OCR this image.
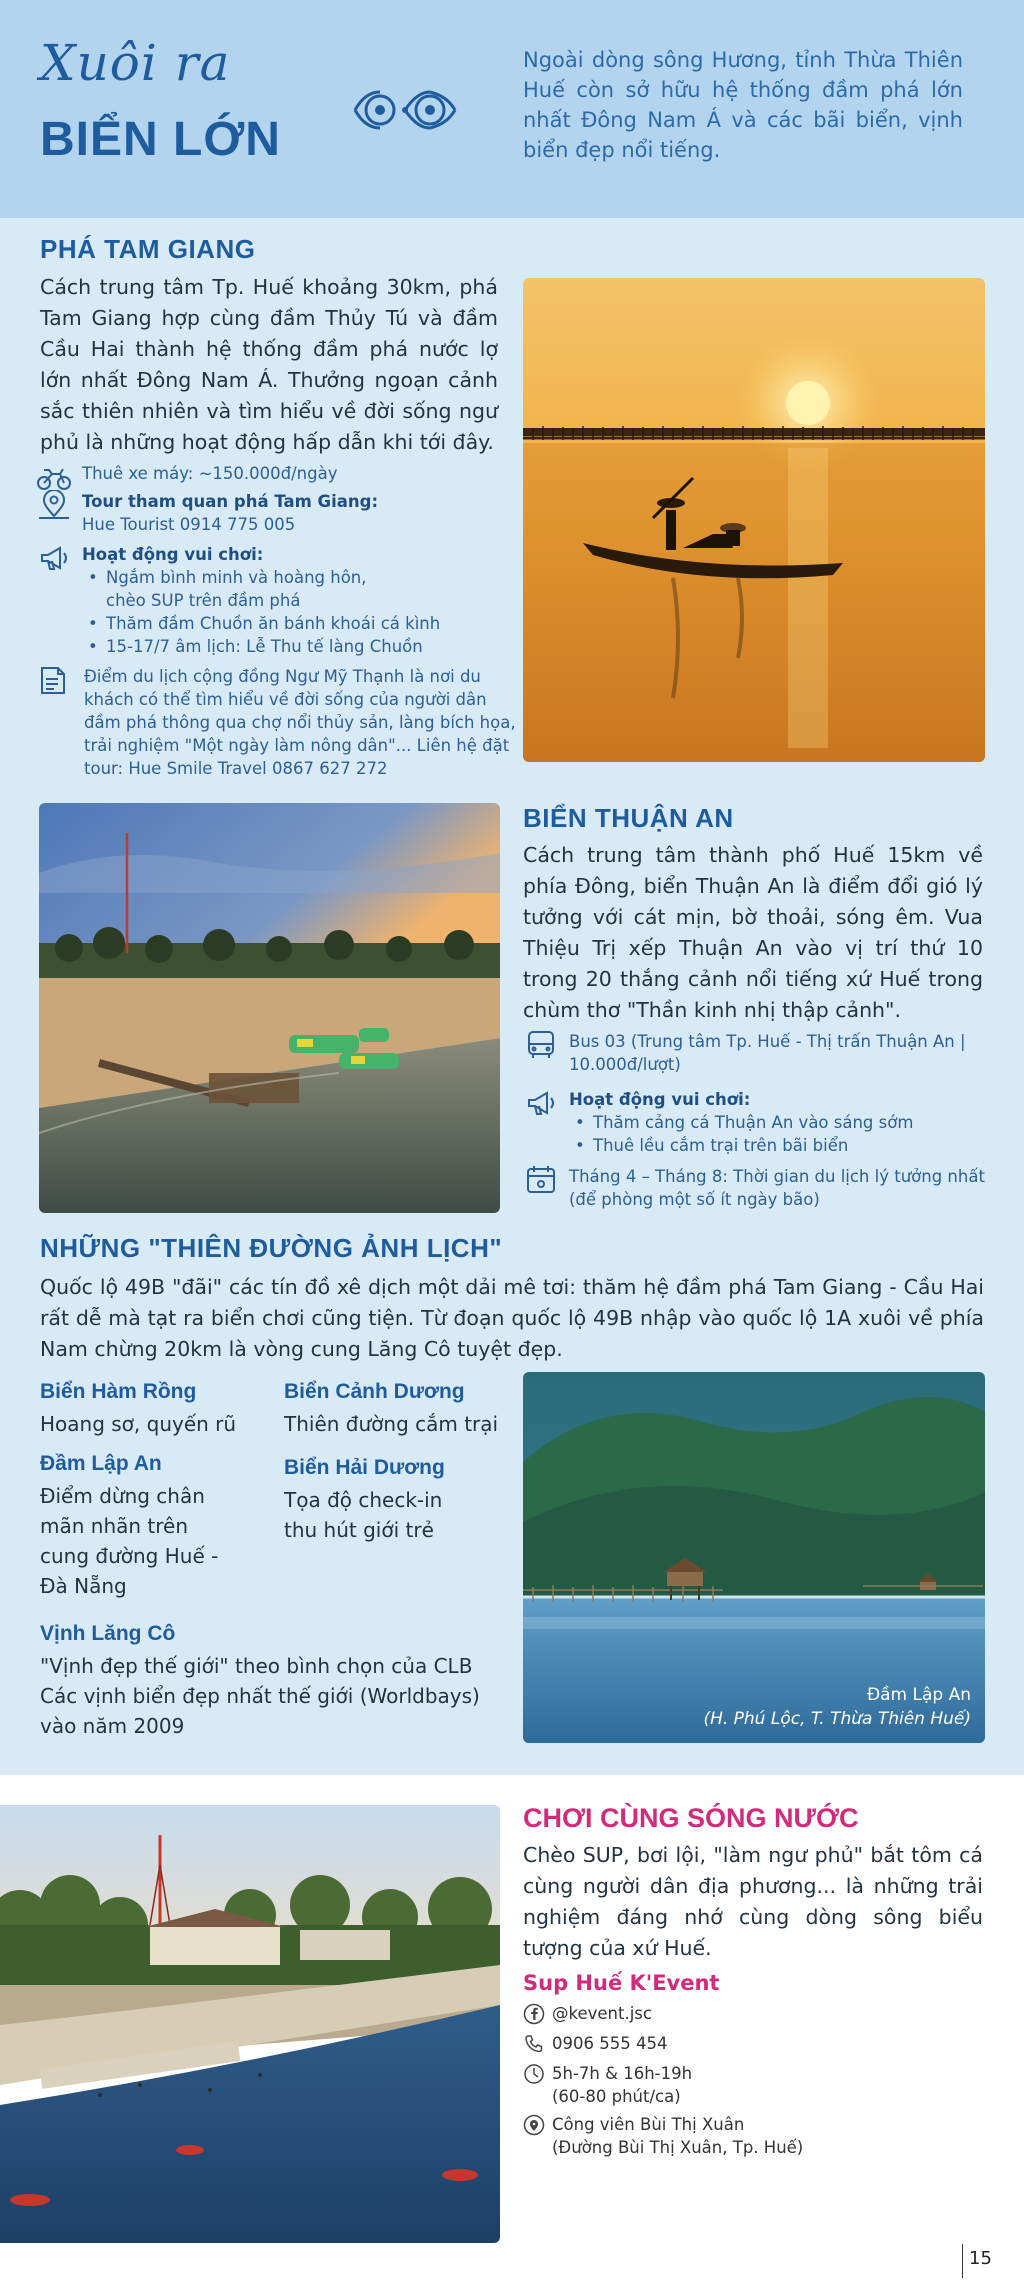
Xuôi ra
BIỂN LỚN
Ngoài dòng sông Hương, tỉnh Thừa Thiên Huế còn sở hữu hệ thống đầm phá lớn nhất Đông Nam Á và các bãi biển, vịnh biển đẹp nổi tiếng.
PHÁ TAM GIANG
Cách trung tâm Tp. Huế khoảng 30km, phá Tam Giang hợp cùng đầm Thủy Tú và đầm Cầu Hai thành hệ thống đầm phá nước lợ lớn nhất Đông Nam Á. Thưởng ngoạn cảnh sắc thiên nhiên và tìm hiểu về đời sống ngư phủ là những hoạt động hấp dẫn khi tới đây.
Thuê xe máy: ~150.000đ/ngày
Tour tham quan phá Tam Giang:
Hue Tourist 0914 775 005
Hoạt động vui chơi:
• Ngắm bình minh và hoàng hôn, chèo SUP trên đầm phá
• Thăm đầm Chuồn ăn bánh khoái cá kình
• 15-17/7 âm lịch: Lễ Thu tế làng Chuồn
Điểm du lịch cộng đồng Ngư Mỹ Thạnh là nơi du khách có thể tìm hiểu về đời sống của người dân đầm phá thông qua chợ nổi thủy sản, làng bích họa, trải nghiệm "Một ngày làm nông dân"... Liên hệ đặt tour: Hue Smile Travel 0867 627 272
BIỂN THUẬN AN
Cách trung tâm thành phố Huế 15km về phía Đông, biển Thuận An là điểm đổi gió lý tưởng với cát mịn, bờ thoải, sóng êm. Vua Thiệu Trị xếp Thuận An vào vị trí thứ 10 trong 20 thắng cảnh nổi tiếng xứ Huế trong chùm thơ "Thần kinh nhị thập cảnh".
Bus 03 (Trung tâm Tp. Huế - Thị trấn Thuận An | 10.000đ/lượt)
Hoạt động vui chơi:
• Thăm cảng cá Thuận An vào sáng sớm
• Thuê lều cắm trại trên bãi biển
Tháng 4 – Tháng 8: Thời gian du lịch lý tưởng nhất (để phòng một số ít ngày bão)
NHỮNG "THIÊN ĐƯỜNG ẢNH LỊCH"
Quốc lộ 49B "đãi" các tín đồ xê dịch một dải mê tơi: thăm hệ đầm phá Tam Giang - Cầu Hai rất dễ mà tạt ra biển chơi cũng tiện. Từ đoạn quốc lộ 49B nhập vào quốc lộ 1A xuôi về phía Nam chừng 20km là vòng cung Lăng Cô tuyệt đẹp.
Biển Hàm Rồng
Hoang sơ, quyến rũ
Biển Cảnh Dương
Thiên đường cắm trại
Đầm Lập An
Điểm dừng chân mãn nhãn trên cung đường Huế - Đà Nẵng
Biển Hải Dương
Tọa độ check-in thu hút giới trẻ
Vịnh Lăng Cô
"Vịnh đẹp thế giới" theo bình chọn của CLB Các vịnh biển đẹp nhất thế giới (Worldbays) vào năm 2009
Đầm Lập An
(H. Phú Lộc, T. Thừa Thiên Huế)
CHƠI CÙNG SÓNG NƯỚC
Chèo SUP, bơi lội, "làm ngư phủ" bắt tôm cá cùng người dân địa phương... là những trải nghiệm đáng nhớ cùng dòng sông biểu tượng của xứ Huế.
Sup Huế K'Event
@kevent.jsc
0906 555 454
5h-7h & 16h-19h
(60-80 phút/ca)
Công viên Bùi Thị Xuân
(Đường Bùi Thị Xuân, Tp. Huế)
15
